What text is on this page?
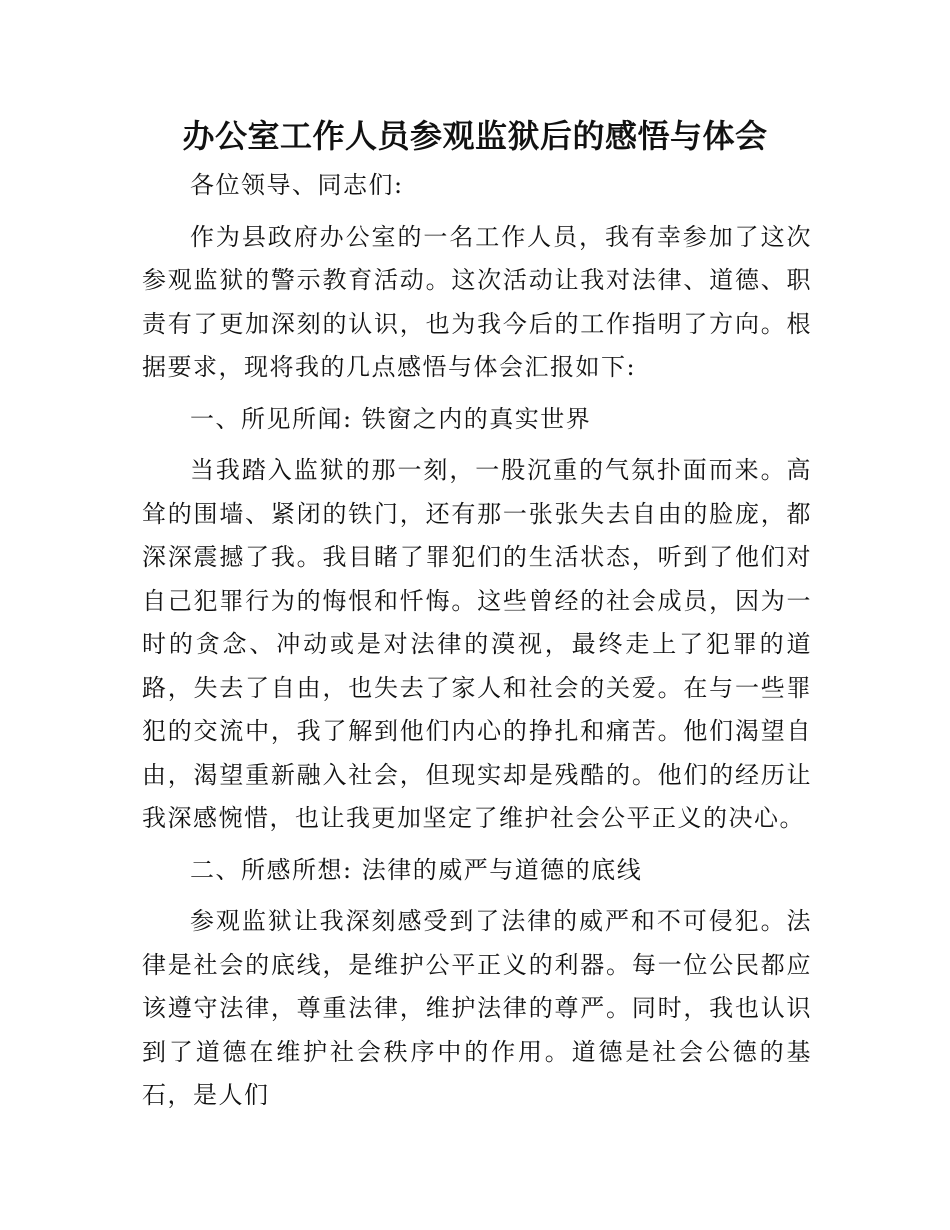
办公室工作人员参观监狱后的感悟与体会

各位领导、同志们:

作为县政府办公室的一名工作人员，我有幸参加了这次参观监狱的警示教育活动。这次活动让我对法律、道德、职责有了更加深刻的认识，也为我今后的工作指明了方向。根据要求，现将我的几点感悟与体会汇报如下:

一、所见所闻: 铁窗之内的真实世界

当我踏入监狱的那一刻，一股沉重的气氛扑面而来。高耸的围墙、紧闭的铁门，还有那一张张失去自由的脸庞，都深深震撼了我。我目睹了罪犯们的生活状态，听到了他们对自己犯罪行为的悔恨和忏悔。这些曾经的社会成员，因为一时的贪念、冲动或是对法律的漠视，最终走上了犯罪的道路，失去了自由，也失去了家人和社会的关爱。在与一些罪犯的交流中，我了解到他们内心的挣扎和痛苦。他们渴望自由，渴望重新融入社会，但现实却是残酷的。他们的经历让我深感惋惜，也让我更加坚定了维护社会公平正义的决心。

二、所感所想: 法律的威严与道德的底线

参观监狱让我深刻感受到了法律的威严和不可侵犯。法律是社会的底线，是维护公平正义的利器。每一位公民都应该遵守法律，尊重法律，维护法律的尊严。同时，我也认识到了道德在维护社会秩序中的作用。道德是社会公德的基石，是人们
